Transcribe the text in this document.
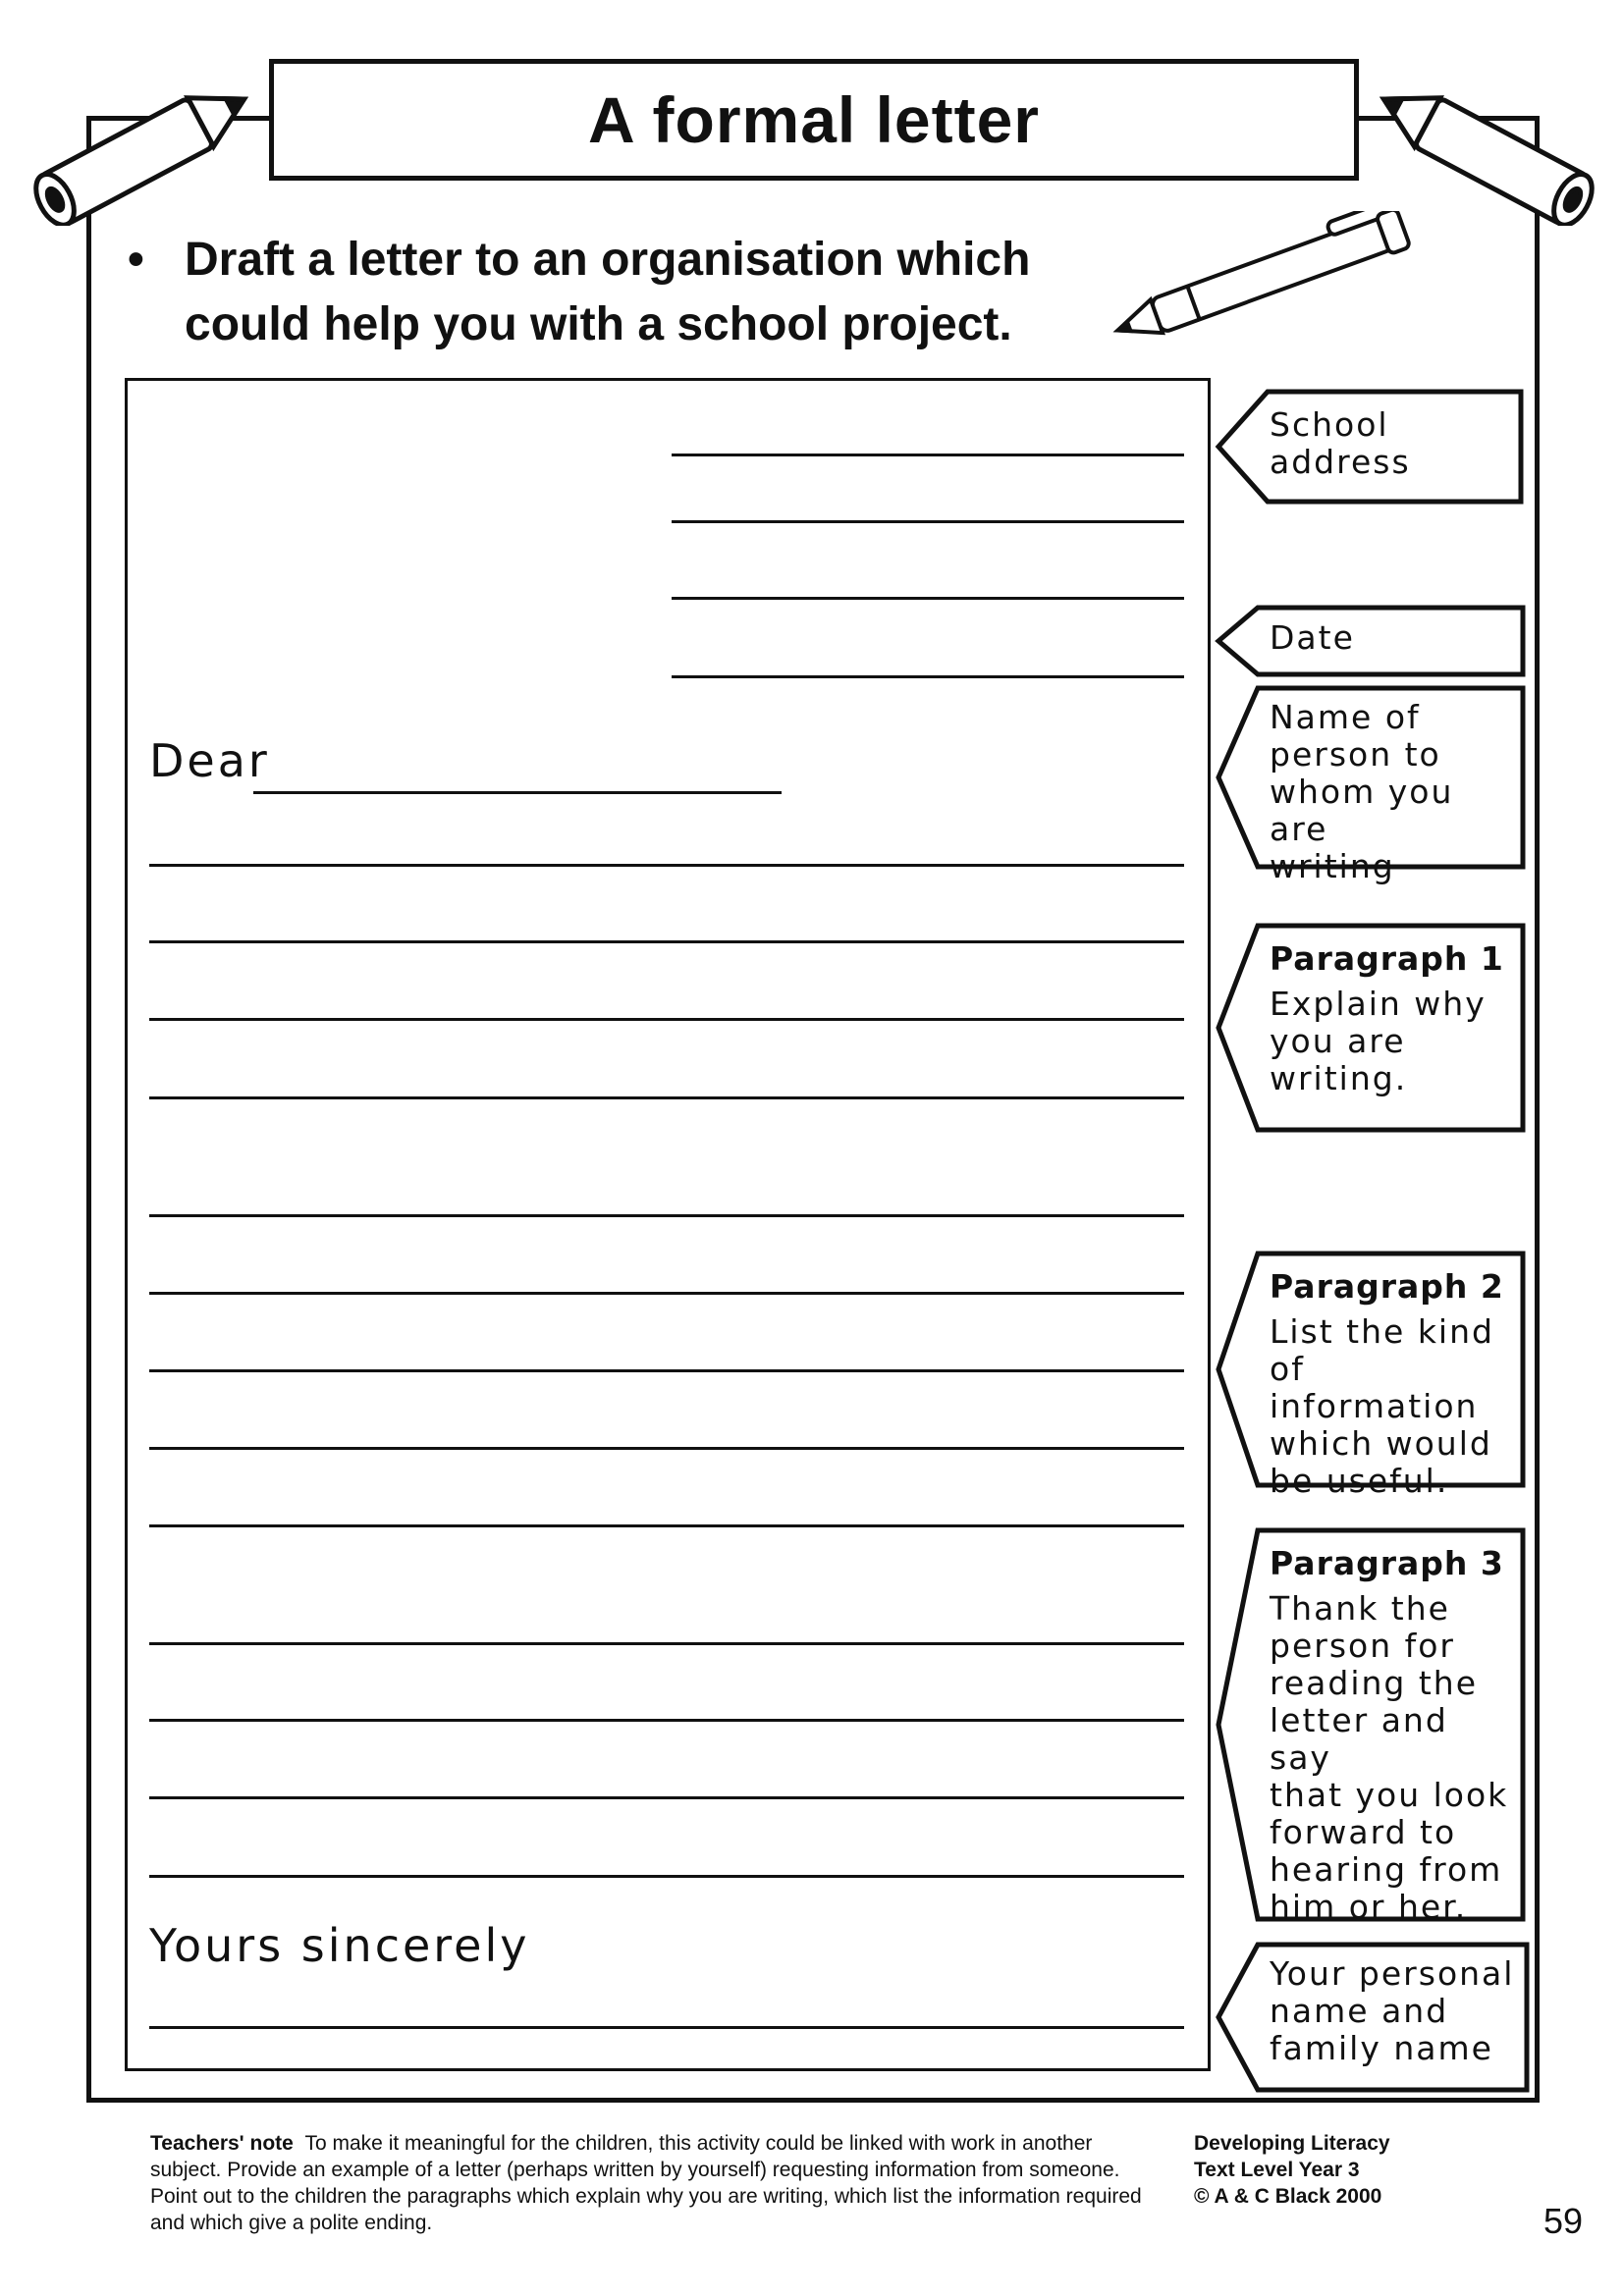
A formal letter
• Draft a letter to an organisation which could help you with a school project.
Dear
Yours sincerely
School
address
Date
Name of
person to
whom you are
writing
Paragraph 1
Explain why
you are
writing.
Paragraph 2
List the kind
of information
which would
be useful.
Paragraph 3
Thank the
person for
reading the
letter and say
that you look
forward to
hearing from
him or her.
Your personal
name and
family name
Teachers' note To make it meaningful for the children, this activity could be linked with work in another subject. Provide an example of a letter (perhaps written by yourself) requesting information from someone. Point out to the children the paragraphs which explain why you are writing, which list the information required and which give a polite ending.
Developing Literacy
Text Level Year 3
© A & C Black 2000
59
